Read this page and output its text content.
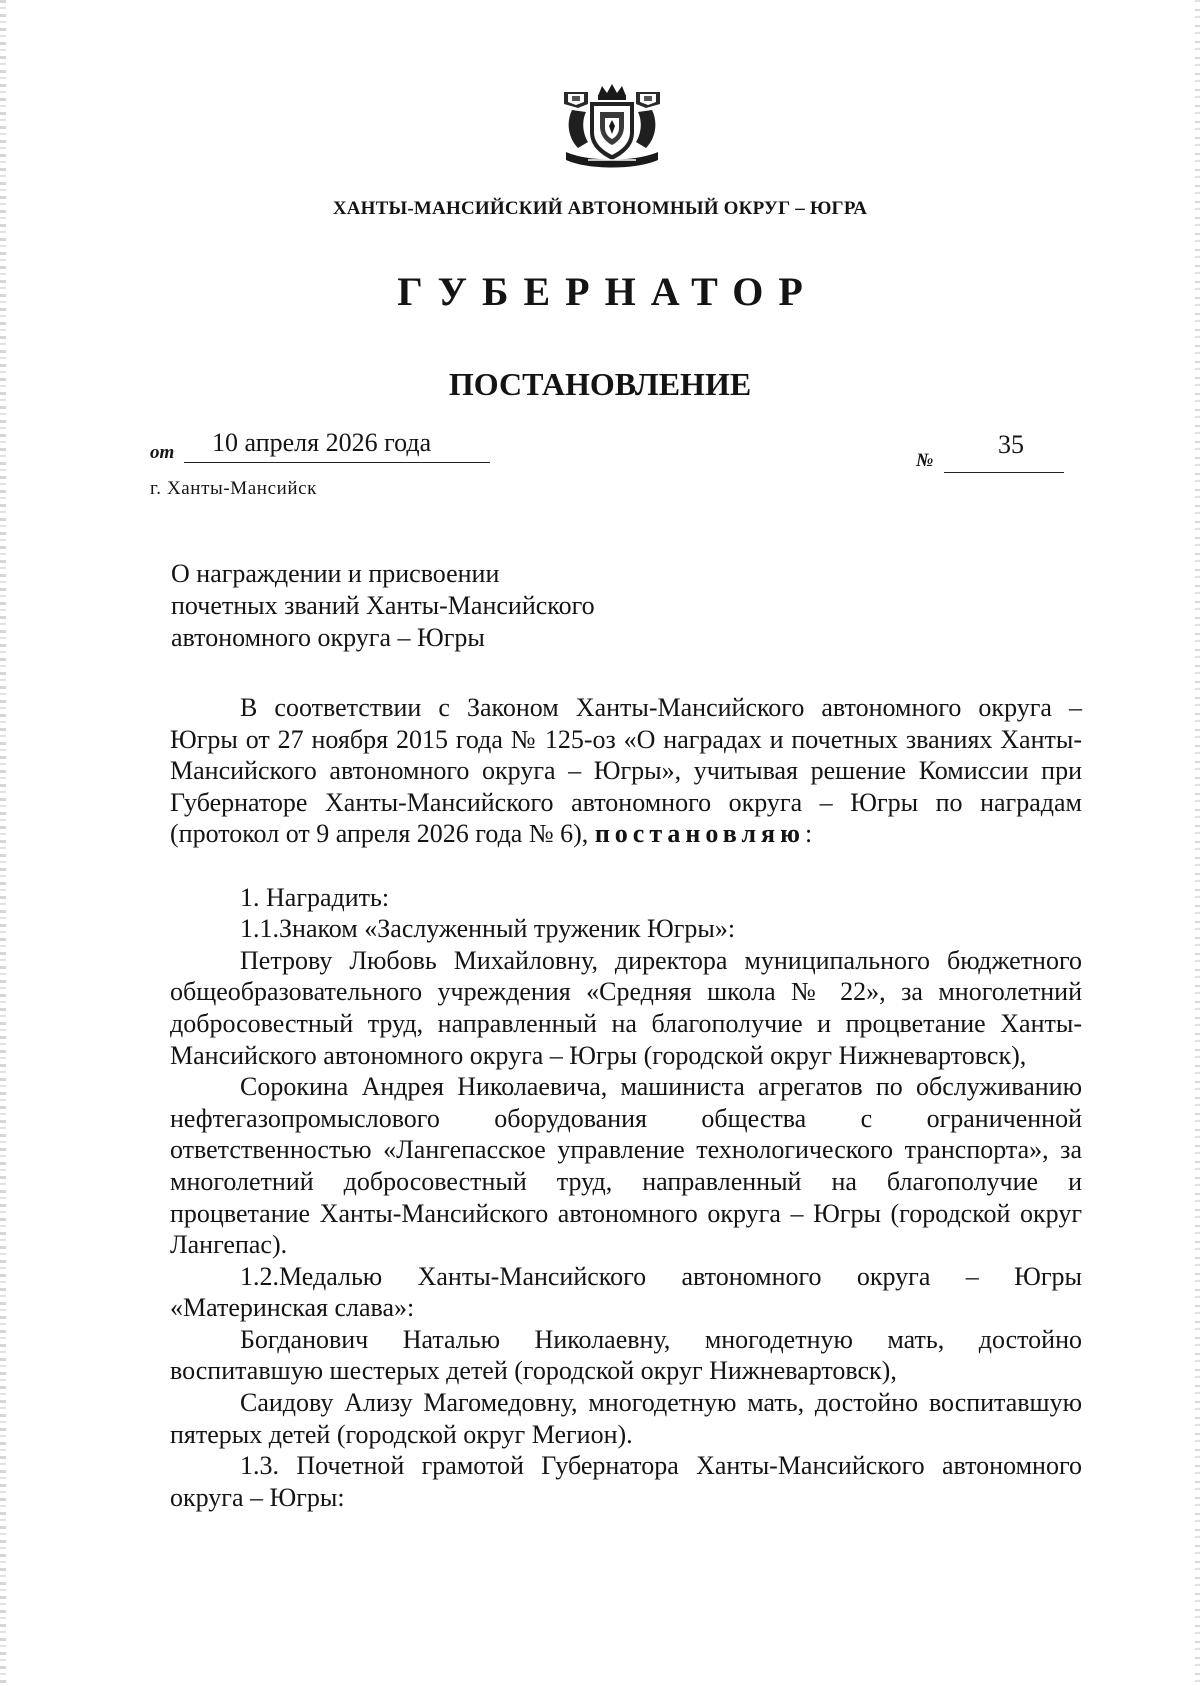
ХАНТЫ-МАНСИЙСКИЙ АВТОНОМНЫЙ ОКРУГ – ЮГРА
ГУБЕРНАТОР
ПОСТАНОВЛЕНИЕ
от 10 апреля 2026 года
№
35
г. Ханты-Мансийск
О награждении и присвоении
почетных званий Ханты-Мансийского
автономного округа – Югры

В соответствии с Законом Ханты-Мансийского автономного округа – Югры от 27 ноября 2015 года № 125-оз «О наградах и почетных званиях Ханты-Мансийского автономного округа – Югры», учитывая решение Комиссии при Губернаторе Ханты-Мансийского автономного округа – Югры по наградам (протокол от 9 апреля 2026 года № 6), постановляю:

1. Наградить:

1.1.Знаком «Заслуженный труженик Югры»:

Петрову Любовь Михайловну, директора муниципального бюджетного общеобразовательного учреждения «Средняя школа № 22», за многолетний добросовестный труд, направленный на благополучие и процветание Ханты-Мансийского автономного округа – Югры (городской округ Нижневартовск),

Сорокина Андрея Николаевича, машиниста агрегатов по обслуживанию нефтегазопромыслового оборудования общества с ограниченной ответственностью «Лангепасское управление технологического транспорта», за многолетний добросовестный труд, направленный на благополучие и процветание Ханты-Мансийского автономного округа – Югры (городской округ Лангепас).

1.2.Медалью Ханты-Мансийского автономного округа – Югры «Материнская слава»:

Богданович Наталью Николаевну, многодетную мать, достойно воспитавшую шестерых детей (городской округ Нижневартовск),

Саидову Ализу Магомедовну, многодетную мать, достойно воспитавшую пятерых детей (городской округ Мегион).

1.3. Почетной грамотой Губернатора Ханты-Мансийского автономного округа – Югры:
